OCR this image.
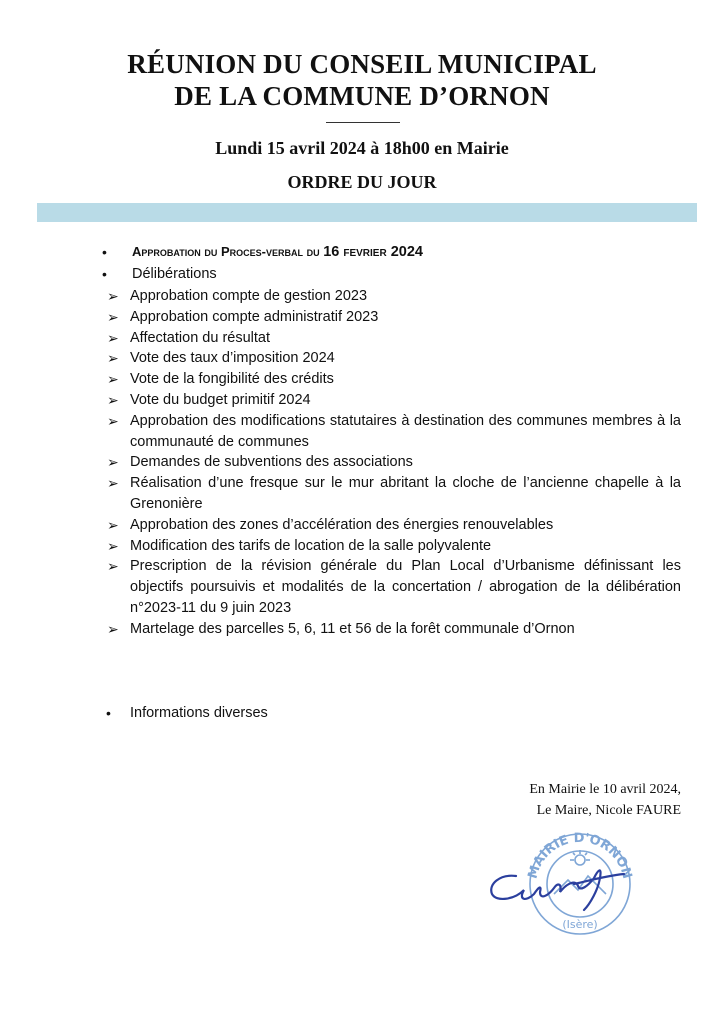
RÉUNION DU CONSEIL MUNICIPAL
DE LA COMMUNE D’ORNON
Lundi 15 avril 2024 à 18h00 en Mairie
ORDRE DU JOUR
•	Approbation du Proces-verbal du 16 fevrier 2024
•	Délibérations
➢ Approbation compte de gestion 2023
➢ Approbation compte administratif 2023
➢ Affectation du résultat
➢ Vote des taux d’imposition 2024
➢ Vote de la fongibilité des crédits
➢ Vote du budget primitif 2024
➢ Approbation des modifications statutaires à destination des communes membres à la communauté de communes
➢ Demandes de subventions des associations
➢ Réalisation d’une fresque sur le mur abritant la cloche de l’ancienne chapelle à la Grenonière
➢ Approbation des zones d’accélération des énergies renouvelables
➢ Modification des tarifs de location de la salle polyvalente
➢ Prescription de la révision générale du Plan Local d’Urbanisme définissant les objectifs poursuivis et modalités de la concertation / abrogation de la délibération n°2023-11 du 9 juin 2023
➢ Martelage des parcelles 5, 6, 11 et 56 de la forêt communale d’Ornon
•	Informations diverses
En Mairie le 10 avril 2024,
Le Maire, Nicole FAURE
MAIRIE D'ORNON
(Isère)
